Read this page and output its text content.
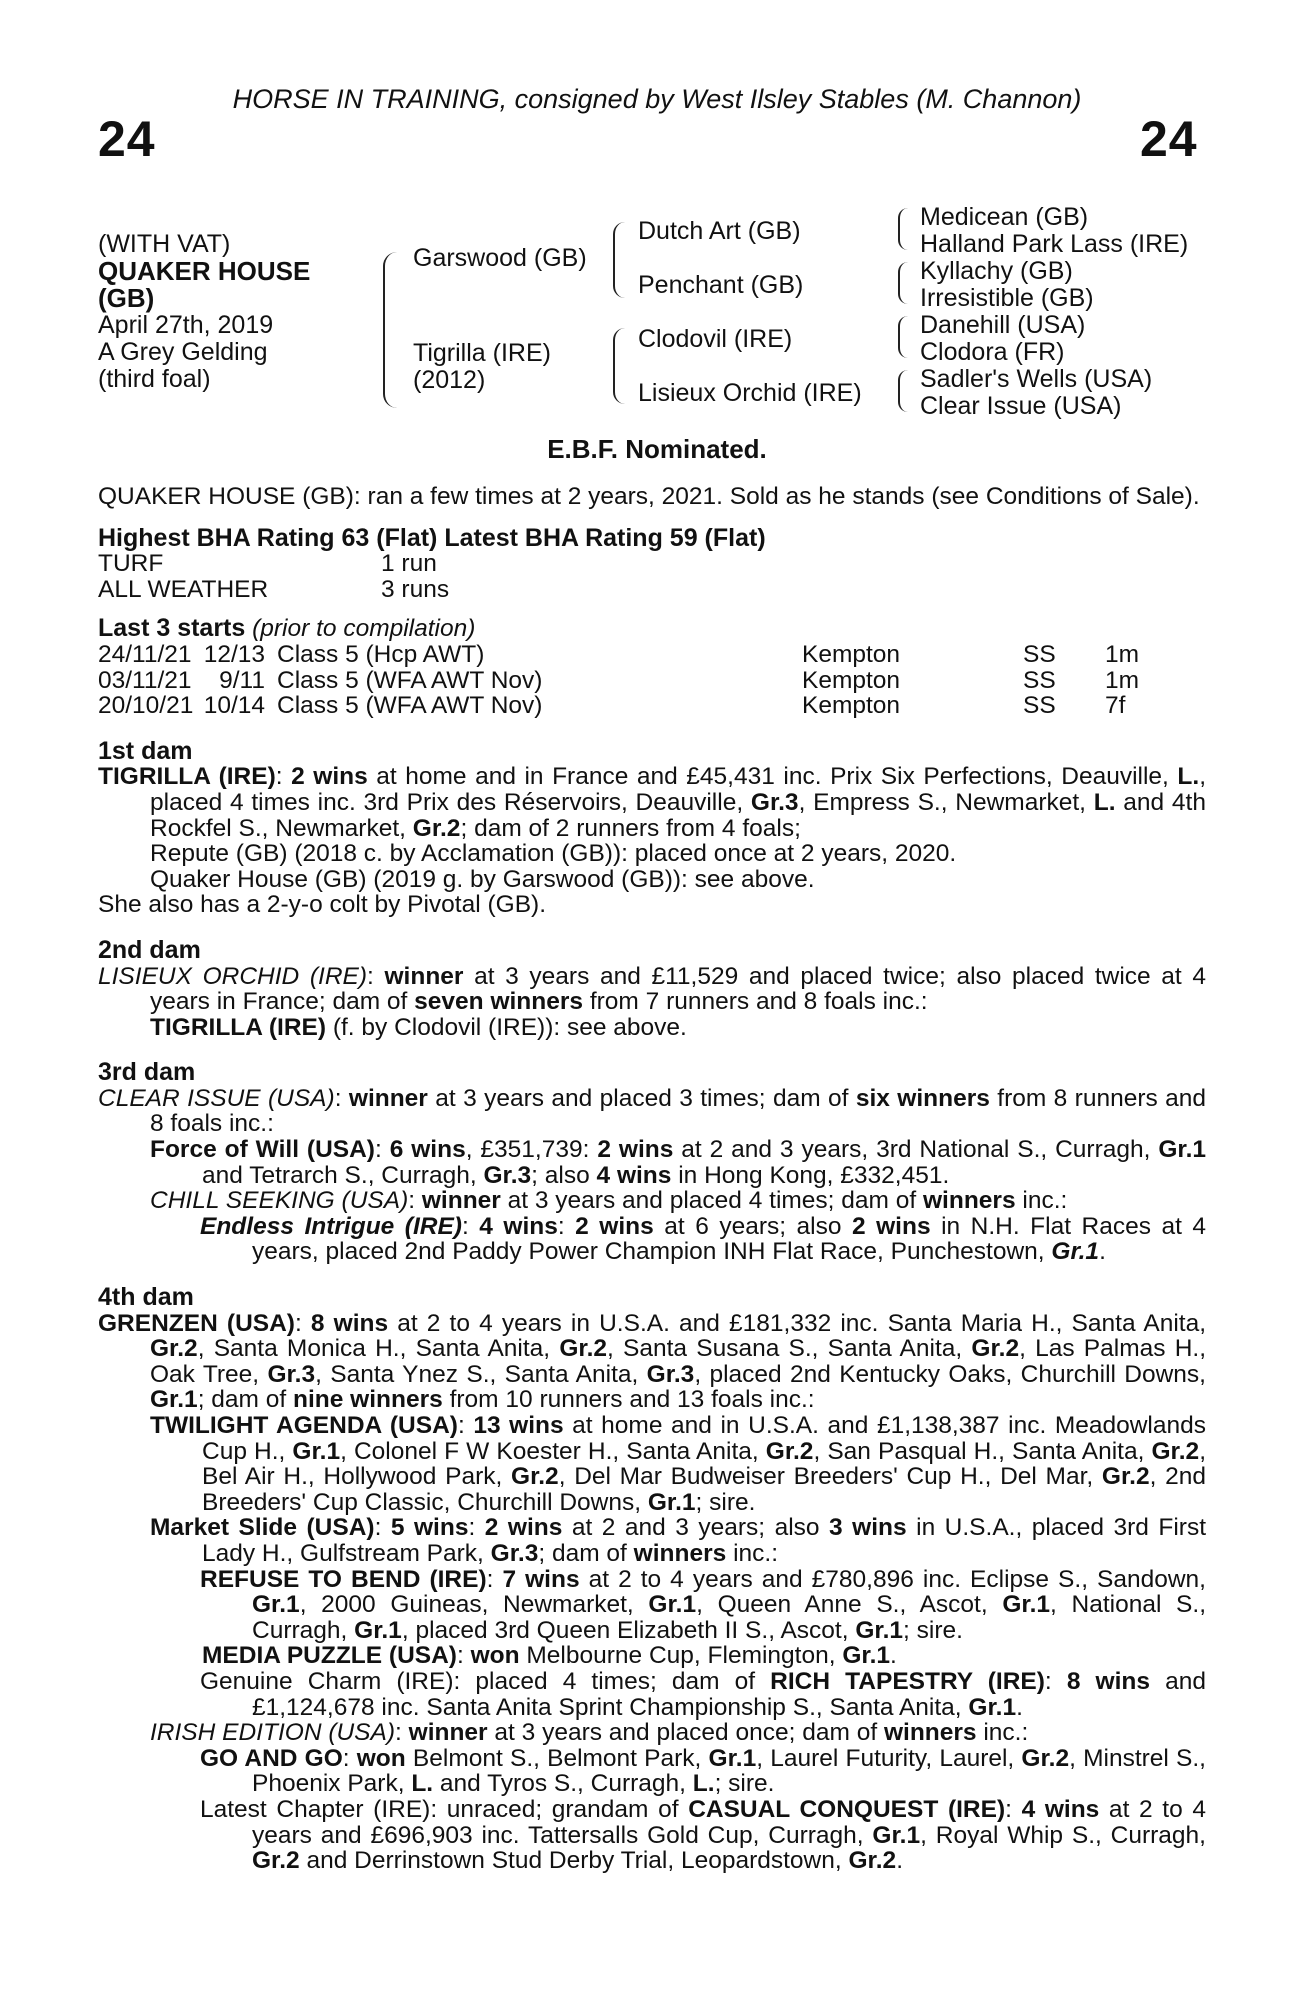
HORSE IN TRAINING, consigned by West Ilsley Stables (M. Channon)
24	24
(WITH VAT)
QUAKER HOUSE
(GB)
April 27th, 2019
A Grey Gelding
(third foal)
Garswood (GB)
Tigrilla (IRE)
(2012)
Dutch Art (GB)
Penchant (GB)
Clodovil (IRE)
Lisieux Orchid (IRE)
Medicean (GB)
Halland Park Lass (IRE)
Kyllachy (GB)
Irresistible (GB)
Danehill (USA)
Clodora (FR)
Sadler's Wells (USA)
Clear Issue (USA)
E.B.F. Nominated.

QUAKER HOUSE (GB): ran a few times at 2 years, 2021. Sold as he stands (see Conditions of Sale).

Highest BHA Rating 63 (Flat) Latest BHA Rating 59 (Flat)

TURF	1 run
ALL WEATHER	3 runs

Last 3 starts (prior to compilation)

24/11/21 12/13 Class 5 (Hcp AWT)	Kempton	SS	1m
03/11/21	9/11 Class 5 (WFA AWT Nov)	Kempton	SS	1m
20/10/21 10/14 Class 5 (WFA AWT Nov)	Kempton	SS	7f

1st dam

TIGRILLA (IRE): 2 wins at home and in France and £45,431 inc. Prix Six Perfections, Deauville, L., placed 4 times inc. 3rd Prix des Réservoirs, Deauville, Gr.3, Empress S., Newmarket, L. and 4th Rockfel S., Newmarket, Gr.2; dam of 2 runners from 4 foals;

Repute (GB) (2018 c. by Acclamation (GB)): placed once at 2 years, 2020.

Quaker House (GB) (2019 g. by Garswood (GB)): see above.

She also has a 2-y-o colt by Pivotal (GB).

2nd dam

LISIEUX ORCHID (IRE): winner at 3 years and £11,529 and placed twice; also placed twice at 4 years in France; dam of seven winners from 7 runners and 8 foals inc.:

TIGRILLA (IRE) (f. by Clodovil (IRE)): see above.

3rd dam

CLEAR ISSUE (USA): winner at 3 years and placed 3 times; dam of six winners from 8 runners and 8 foals inc.:

Force of Will (USA): 6 wins, £351,739: 2 wins at 2 and 3 years, 3rd National S., Curragh, Gr.1 and Tetrarch S., Curragh, Gr.3; also 4 wins in Hong Kong, £332,451.

CHILL SEEKING (USA): winner at 3 years and placed 4 times; dam of winners inc.:

Endless Intrigue (IRE): 4 wins: 2 wins at 6 years; also 2 wins in N.H. Flat Races at 4 years, placed 2nd Paddy Power Champion INH Flat Race, Punchestown, Gr.1.

4th dam

GRENZEN (USA): 8 wins at 2 to 4 years in U.S.A. and £181,332 inc. Santa Maria H., Santa Anita, Gr.2, Santa Monica H., Santa Anita, Gr.2, Santa Susana S., Santa Anita, Gr.2, Las Palmas H., Oak Tree, Gr.3, Santa Ynez S., Santa Anita, Gr.3, placed 2nd Kentucky Oaks, Churchill Downs, Gr.1; dam of nine winners from 10 runners and 13 foals inc.:

TWILIGHT AGENDA (USA): 13 wins at home and in U.S.A. and £1,138,387 inc. Meadowlands Cup H., Gr.1, Colonel F W Koester H., Santa Anita, Gr.2, San Pasqual H., Santa Anita, Gr.2, Bel Air H., Hollywood Park, Gr.2, Del Mar Budweiser Breeders' Cup H., Del Mar, Gr.2, 2nd Breeders' Cup Classic, Churchill Downs, Gr.1; sire.

Market Slide (USA): 5 wins: 2 wins at 2 and 3 years; also 3 wins in U.S.A., placed 3rd First Lady H., Gulfstream Park, Gr.3; dam of winners inc.:

REFUSE TO BEND (IRE): 7 wins at 2 to 4 years and £780,896 inc. Eclipse S., Sandown, Gr.1, 2000 Guineas, Newmarket, Gr.1, Queen Anne S., Ascot, Gr.1, National S., Curragh, Gr.1, placed 3rd Queen Elizabeth II S., Ascot, Gr.1; sire.

MEDIA PUZZLE (USA): won Melbourne Cup, Flemington, Gr.1.

Genuine Charm (IRE): placed 4 times; dam of RICH TAPESTRY (IRE): 8 wins and £1,124,678 inc. Santa Anita Sprint Championship S., Santa Anita, Gr.1.

IRISH EDITION (USA): winner at 3 years and placed once; dam of winners inc.:

GO AND GO: won Belmont S., Belmont Park, Gr.1, Laurel Futurity, Laurel, Gr.2, Minstrel S., Phoenix Park, L. and Tyros S., Curragh, L.; sire.

Latest Chapter (IRE): unraced; grandam of CASUAL CONQUEST (IRE): 4 wins at 2 to 4 years and £696,903 inc. Tattersalls Gold Cup, Curragh, Gr.1, Royal Whip S., Curragh, Gr.2 and Derrinstown Stud Derby Trial, Leopardstown, Gr.2.
